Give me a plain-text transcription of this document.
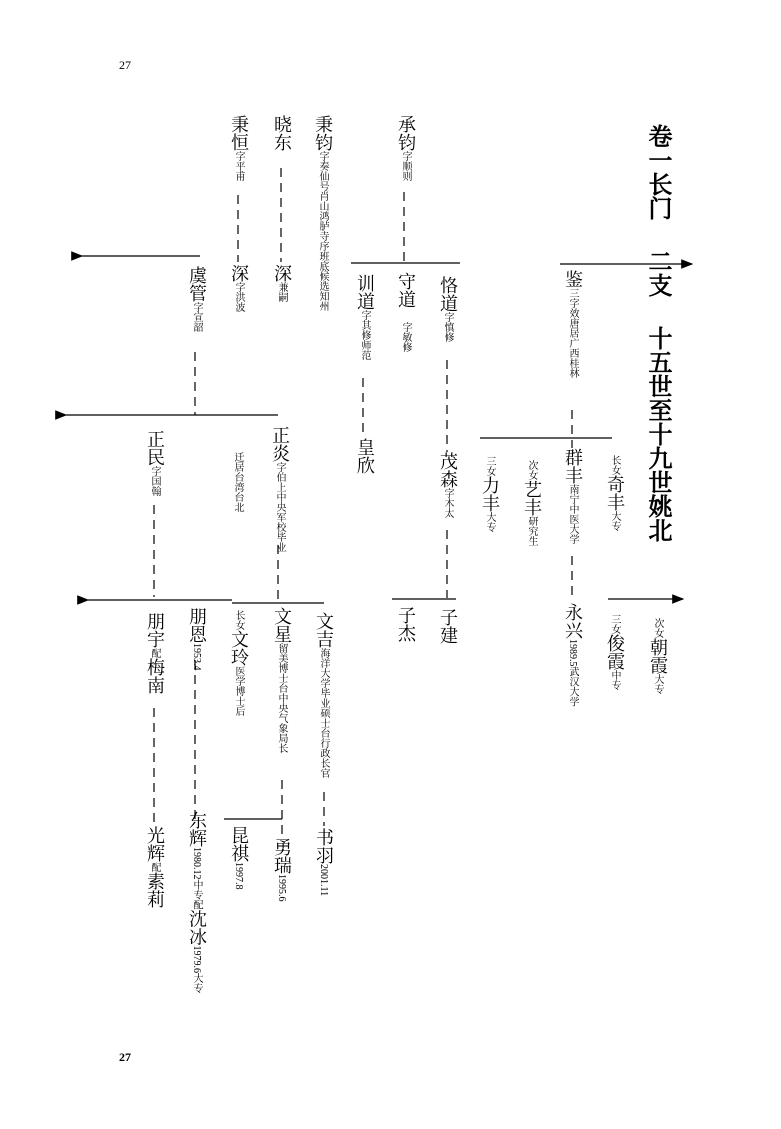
27
27
卷一长门 二支 十五世至十九世姚北
秉钧字奏仙号肖山鸿胪寺序班底候选知州
晓东
秉恒字平甫
承钧字顺则
深字洪波
深兼嗣
虞管字宣韶
训道字其修师范
守道
字敏修
恪道字慎修
鉴三字效唐居广西桂林
皇欣	茂森字木太
正炎字伯上中央军校毕业
迁居台湾台北
正民字国翰	群丰南宁中医大学
长女奇丰大专
次女艺丰研究生
三女力丰大专
永兴1989.5武汉大学
次女朝霞大专
三女俊霞中专
子建
子杰
文吉海洋大学毕业硕士台行政长官
文星留美博士台中央气象局长
长女文玲医学博士后
朋恩1953.4
朋宇配梅南
书羽2001.11
勇瑞1995.6
昆祺1997.8
东辉1980.12中专配沈冰1979.6大专
光辉配素莉
